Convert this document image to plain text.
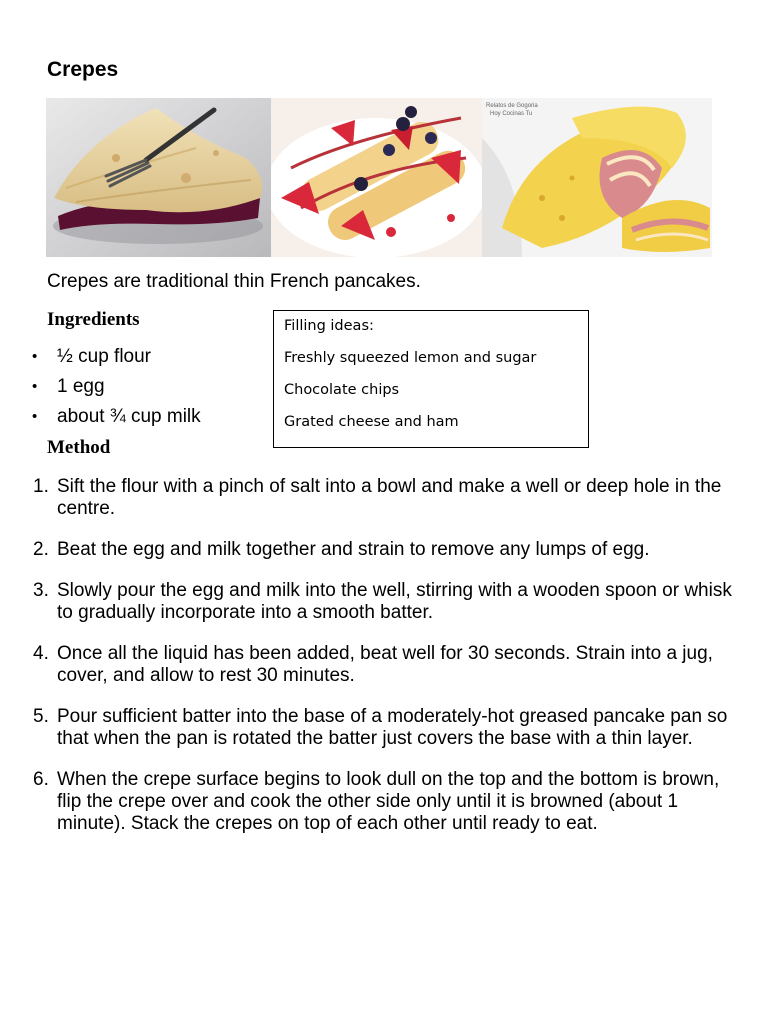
Crepes
Relatos de Gogoria
Hoy Cocinas Tu
Crepes are traditional thin French pancakes.
Ingredients
• ½ cup flour
• 1 egg
• about ¾ cup milk
Filling ideas:
Freshly squeezed lemon and sugar
Chocolate chips
Grated cheese and ham
Method
1. Sift the flour with a pinch of salt into a bowl and make a well or deep hole in the centre.
2. Beat the egg and milk together and strain to remove any lumps of egg.
3. Slowly pour the egg and milk into the well, stirring with a wooden spoon or whisk to gradually incorporate into a smooth batter.
4. Once all the liquid has been added, beat well for 30 seconds. Strain into a jug, cover, and allow to rest 30 minutes.
5. Pour sufficient batter into the base of a moderately-hot greased pancake pan so that when the pan is rotated the batter just covers the base with a thin layer.
6. When the crepe surface begins to look dull on the top and the bottom is brown, flip the crepe over and cook the other side only until it is browned (about 1 minute). Stack the crepes on top of each other until ready to eat.
